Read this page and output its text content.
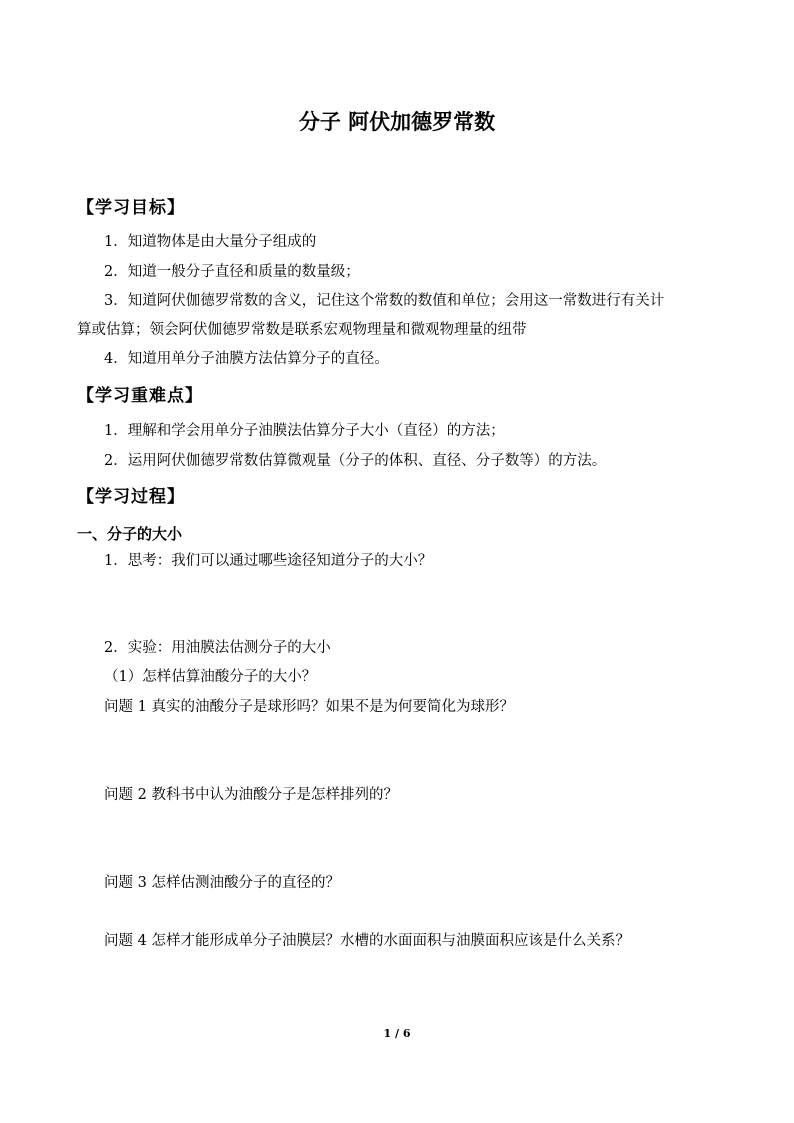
分子 阿伏加德罗常数
【学习目标】
1．知道物体是由大量分子组成的
2．知道一般分子直径和质量的数量级；
3．知道阿伏伽德罗常数的含义，记住这个常数的数值和单位；会用这一常数进行有关计
算或估算；领会阿伏伽德罗常数是联系宏观物理量和微观物理量的纽带
4．知道用单分子油膜方法估算分子的直径。
【学习重难点】
1．理解和学会用单分子油膜法估算分子大小（直径）的方法；
2．运用阿伏伽德罗常数估算微观量（分子的体积、直径、分子数等）的方法。
【学习过程】
一、分子的大小
1．思考：我们可以通过哪些途径知道分子的大小？
2．实验：用油膜法估测分子的大小
（1）怎样估算油酸分子的大小？
问题 1 真实的油酸分子是球形吗？如果不是为何要简化为球形？
问题 2 教科书中认为油酸分子是怎样排列的？
问题 3 怎样估测油酸分子的直径的？
问题 4 怎样才能形成单分子油膜层？水槽的水面面积与油膜面积应该是什么关系？
1 / 6
